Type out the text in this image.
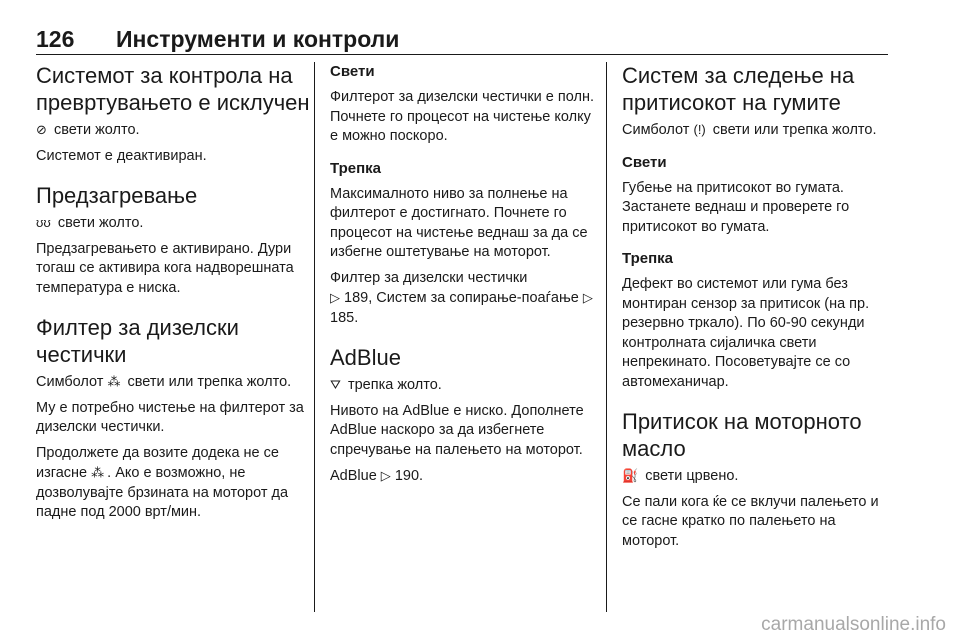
126 Инструменти и контроли
Системот за контрола на превртувањето е исклучен

⊘ свети жолто.

Системот е деактивиран.

Предзагревање

ʊʊ свети жолто.

Предзагревањето е активирано. Дури тогаш се активира кога надворешната температура е ниска.

Филтер за дизелски честички

Симболот ⁂ свети или трепка жолто.

Му е потребно чистење на филтерот за дизелски честички.

Продолжете да возите додека не се изгасне ⁂ . Ако е возможно, не дозволувајте брзината на моторот да падне под 2000 врт/мин.

Свети

Филтерот за дизелски честички е полн. Почнете го процесот на чистење колку е можно поскоро.

Трепка

Максималното ниво за полнење на филтерот е достигнато. Почнете го процесот на чистење веднаш за да се избегне оштетување на моторот.

Филтер за дизелски честички
▷ 189, Систем за сопирање-поаѓање ▷ 185.

AdBlue

⛛ трепка жолто.

Нивото на AdBlue е ниско. Дополнете AdBlue наскоро за да избегнете спречување на палењето на моторот.

AdBlue ▷ 190.

Систем за следење на притисокот на гумите

Симболот (!) свети или трепка жолто.

Свети

Губење на притисокот во гумата. Застанете веднаш и проверете го притисокот во гумата.

Трепка

Дефект во системот или гума без монтиран сензор за притисок (на пр. резервно тркало). По 60-90 секунди контролната сијаличка свети непрекинато. Посоветувајте се со автомеханичар.

Притисок на моторното масло

⛽ свети црвено.

Се пали кога ќе се вклучи палењето и се гасне кратко по палењето на моторот.

carmanualsonline.info
